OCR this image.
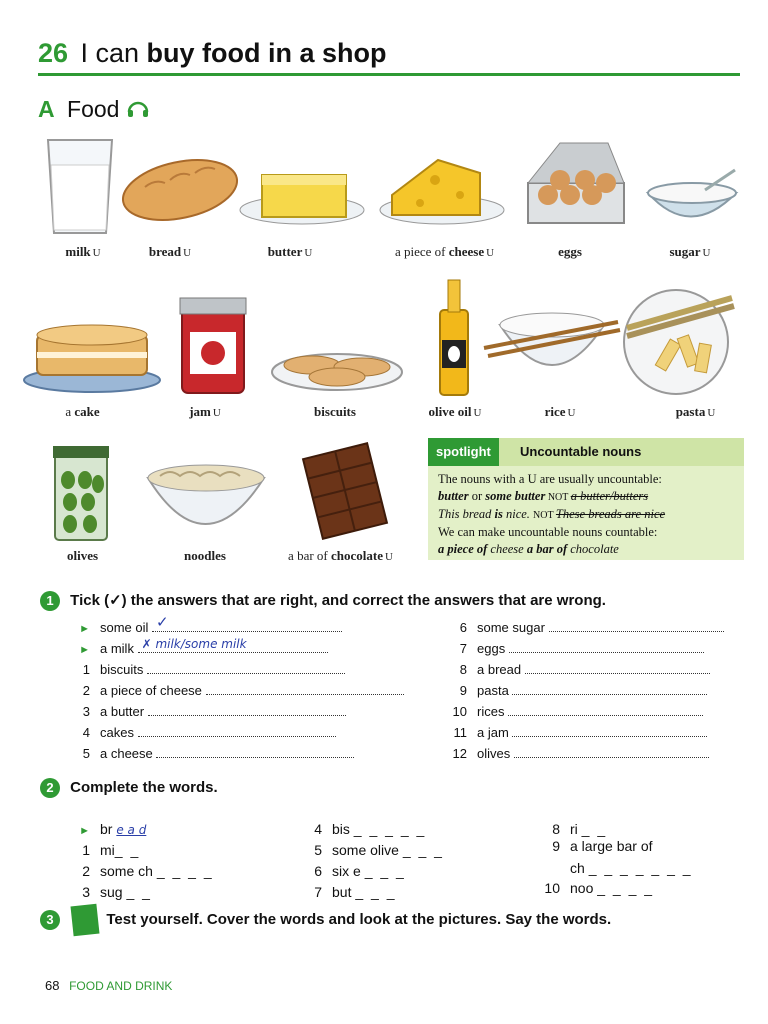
26 I can buy food in a shop
A Food
milk U	bread U	butter U	a piece of cheese U	eggs	sugar U
a cake	jam U	biscuits	olive oil U	rice U	pasta U
olives	noodles	a bar of chocolate U
spotlight	Uncountable nouns
The nouns with a U are usually uncountable:
butter or some butter NOT a butter/butters
This bread is nice. NOT These breads are nice
We can make uncountable nouns countable:
a piece of cheese a bar of chocolate
1 Tick (✓) the answers that are right, and correct the answers that are wrong.
► some oil ✓
► a milk ✗ milk/some milk
1 biscuits
2 a piece of cheese
3 a butter
4 cakes
5 a cheese
6 some sugar
7 eggs
8 a bread
9 pasta
10 rices
11 a jam
12 olives
2 Complete the words.
► br e a d
1 mi_ _
2 some ch _ _ _ _
3 sug _ _
4 bis _ _ _ _ _
5 some olive _ _ _
6 six e _ _ _
7 but _ _ _
8 ri _ _
9 a large bar of
ch _ _ _ _ _ _ _
10 noo _ _ _ _
3	Test yourself. Cover the words and look at the pictures. Say the words.
68 FOOD AND DRINK
